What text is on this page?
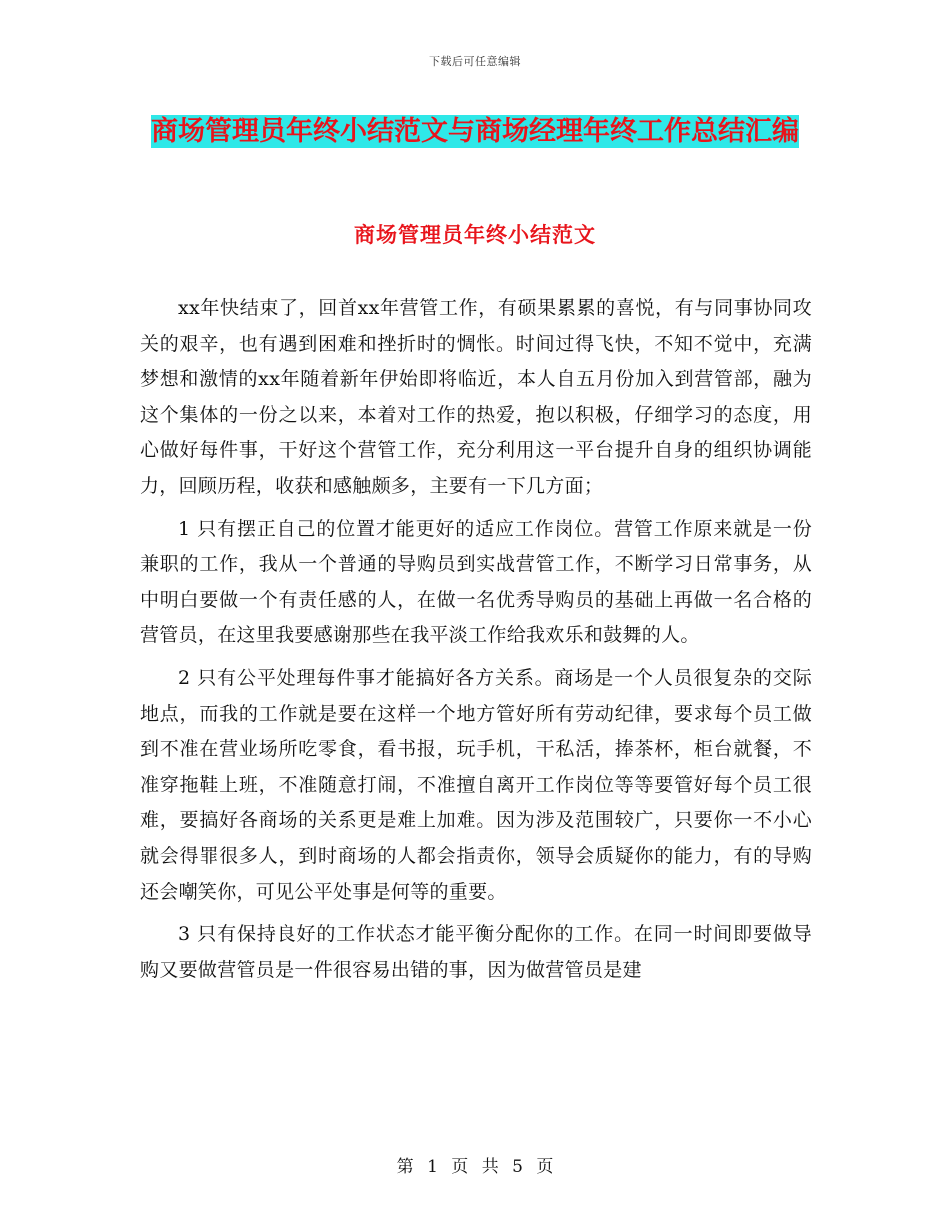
下载后可任意编辑
商场管理员年终小结范文与商场经理年终工作总结汇编
商场管理员年终小结范文

xx年快结束了，回首xx年营管工作，有硕果累累的喜悦，有与同事协同攻关的艰辛，也有遇到困难和挫折时的惆怅。时间过得飞快，不知不觉中，充满梦想和激情的xx年随着新年伊始即将临近，本人自五月份加入到营管部，融为这个集体的一份之以来，本着对工作的热爱，抱以积极，仔细学习的态度，用心做好每件事，干好这个营管工作，充分利用这一平台提升自身的组织协调能力，回顾历程，收获和感触颇多，主要有一下几方面；

1 只有摆正自己的位置才能更好的适应工作岗位。营管工作原来就是一份兼职的工作，我从一个普通的导购员到实战营管工作，不断学习日常事务，从中明白要做一个有责任感的人，在做一名优秀导购员的基础上再做一名合格的营管员，在这里我要感谢那些在我平淡工作给我欢乐和鼓舞的人。

2 只有公平处理每件事才能搞好各方关系。商场是一个人员很复杂的交际地点，而我的工作就是要在这样一个地方管好所有劳动纪律，要求每个员工做到不准在营业场所吃零食，看书报，玩手机，干私活，捧茶杯，柜台就餐，不准穿拖鞋上班，不准随意打闹，不准擅自离开工作岗位等等要管好每个员工很难，要搞好各商场的关系更是难上加难。因为涉及范围较广，只要你一不小心就会得罪很多人，到时商场的人都会指责你，领导会质疑你的能力，有的导购还会嘲笑你，可见公平处事是何等的重要。

3 只有保持良好的工作状态才能平衡分配你的工作。在同一时间即要做导购又要做营管员是一件很容易出错的事，因为做营管员是建

第 1 页 共 5 页
